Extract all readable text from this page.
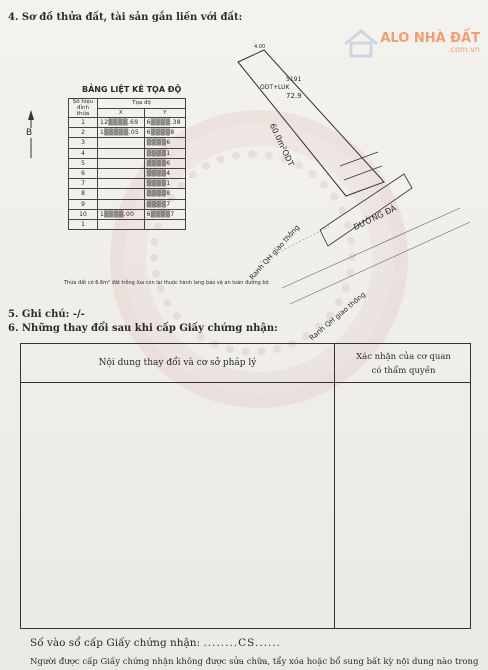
ALO NHÀ ĐẤT
.com.vn
4. Sơ đồ thửa đất, tài sản gắn liền với đất:
B
BẢNG LIỆT KÊ TỌA ĐỘ
Số hiệu
đỉnh thửa	Tọa độ	
	X	Y
1	12▒▒▒▒.69	6▒▒▒▒.38
2	1▒▒▒▒▒.05	6▒▒▒▒8
3		▒▒▒▒6
4		▒▒▒▒1
5		▒▒▒▒6
6		▒▒▒▒4
7		▒▒▒▒1
8		▒▒▒▒8
9		▒▒▒▒7
10	1▒▒▒▒.00	6▒▒▒▒7
1		
Thửa đất có 6.6m² đất trồng lúa còn lại thuộc hành lang bảo vệ an toàn đường bộ
5191
ODT+LUK
72.9
60.0m²ODT
4.00
ĐƯỜNG ĐÁ
Ranh QH giao thông
Ranh QH giao thông
5. Ghi chú: -/-
6. Những thay đổi sau khi cấp Giấy chứng nhận:
Nội dung thay đổi và cơ sở pháp lý
Xác nhận của cơ quan
có thẩm quyền
Số vào sổ cấp Giấy chứng nhận: ........CS......
Người được cấp Giấy chứng nhận không được sửa chữa, tẩy xóa hoặc bổ sung bất kỳ nội dung nào trong
